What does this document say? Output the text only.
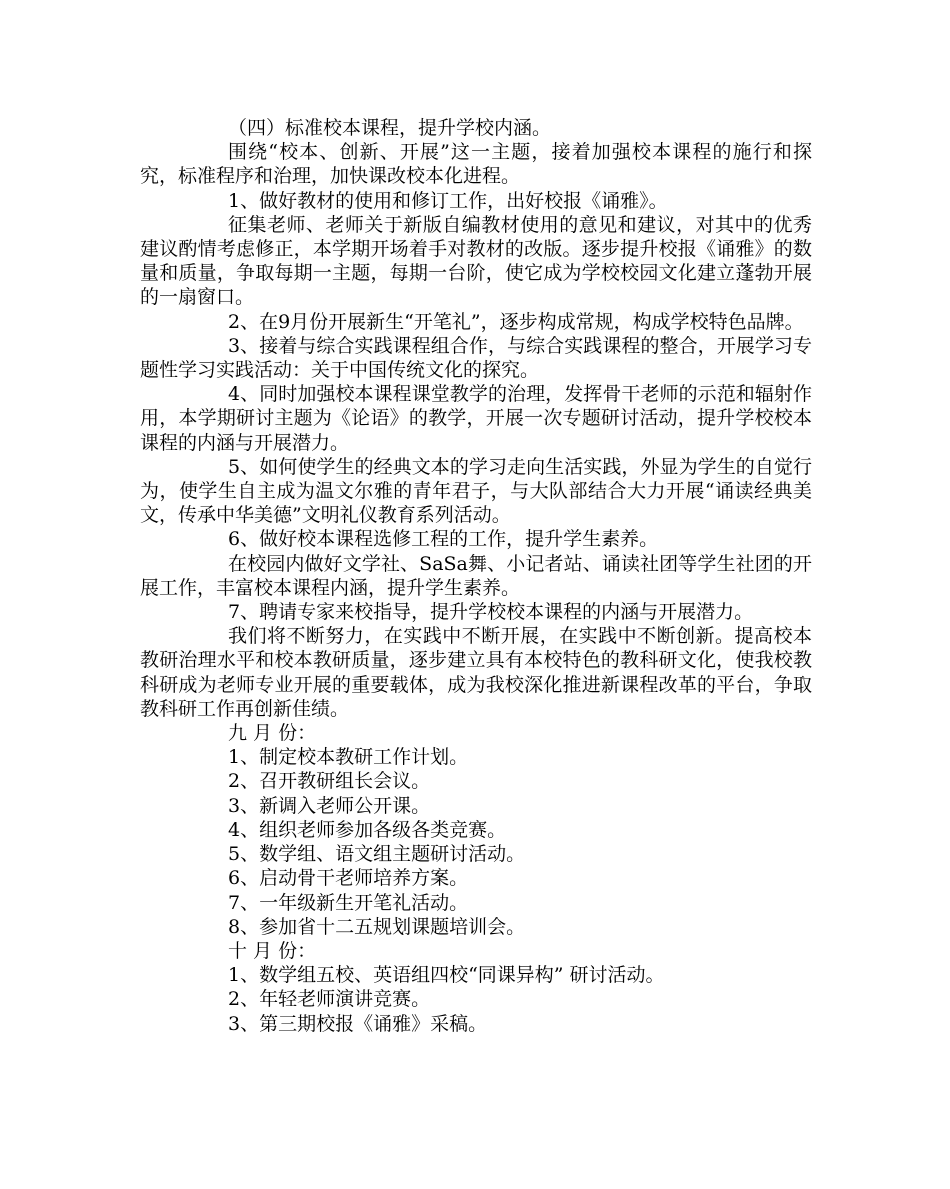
（四）标准校本课程，提升学校内涵。

围绕“校本、创新、开展”这一主题，接着加强校本课程的施行和探究，标准程序和治理，加快课改校本化进程。

1、做好教材的使用和修订工作，出好校报《诵雅》。

征集老师、老师关于新版自编教材使用的意见和建议，对其中的优秀建议酌情考虑修正，本学期开场着手对教材的改版。逐步提升校报《诵雅》的数量和质量，争取每期一主题，每期一台阶，使它成为学校校园文化建立蓬勃开展的一扇窗口。

2、在9月份开展新生“开笔礼”，逐步构成常规，构成学校特色品牌。

3、接着与综合实践课程组合作，与综合实践课程的整合，开展学习专题性学习实践活动：关于中国传统文化的探究。

4、同时加强校本课程课堂教学的治理，发挥骨干老师的示范和辐射作用，本学期研讨主题为《论语》的教学，开展一次专题研讨活动，提升学校校本课程的内涵与开展潜力。

5、如何使学生的经典文本的学习走向生活实践，外显为学生的自觉行为，使学生自主成为温文尔雅的青年君子，与大队部结合大力开展“诵读经典美文，传承中华美德”文明礼仪教育系列活动。

6、做好校本课程选修工程的工作，提升学生素养。

在校园内做好文学社、SaSa舞、小记者站、诵读社团等学生社团的开展工作，丰富校本课程内涵，提升学生素养。

7、聘请专家来校指导，提升学校校本课程的内涵与开展潜力。

我们将不断努力，在实践中不断开展，在实践中不断创新。提高校本教研治理水平和校本教研质量，逐步建立具有本校特色的教科研文化，使我校教科研成为老师专业开展的重要载体，成为我校深化推进新课程改革的平台，争取教科研工作再创新佳绩。

九 月 份：

1、制定校本教研工作计划。

2、召开教研组长会议。

3、新调入老师公开课。

4、组织老师参加各级各类竞赛。

5、数学组、语文组主题研讨活动。

6、启动骨干老师培养方案。

7、一年级新生开笔礼活动。

8、参加省十二五规划课题培训会。

十 月 份：

1、数学组五校、英语组四校“同课异构” 研讨活动。

2、年轻老师演讲竞赛。

3、第三期校报《诵雅》采稿。
